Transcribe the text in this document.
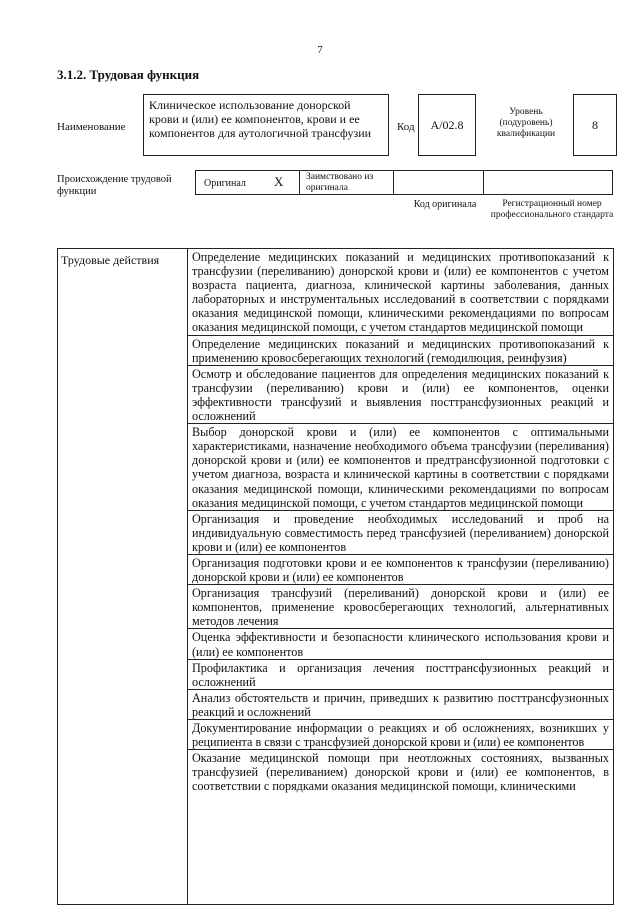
7
3.1.2. Трудовая функция
Наименование
Клиническое использование донорской крови и (или) ее компонентов, крови и ее компонентов для аутологичной трансфузии	Код	A/02.8
Уровень (подуровень) квалификации
8
Происхождение трудовой функции
Оригинал X Заимствовано из оригинала
Код оригинала	Регистрационный номер профессионального стандарта
Трудовые действия	Определение медицинских показаний и медицинских противопоказаний к трансфузии (переливанию) донорской крови и (или) ее компонентов с учетом возраста пациента, диагноза, клинической картины заболевания, данных лабораторных и инструментальных исследований в соответствии с порядками оказания медицинской помощи, клиническими рекомендациями по вопросам оказания медицинской помощи, с учетом стандартов медицинской помощи
Определение медицинских показаний и медицинских противопоказаний к применению кровосберегающих технологий (гемодилюция, реинфузия)
Осмотр и обследование пациентов для определения медицинских показаний к трансфузии (переливанию) крови и (или) ее компонентов, оценки эффективности трансфузий и выявления посттрансфузионных реакций и осложнений
Выбор донорской крови и (или) ее компонентов с оптимальными характеристиками, назначение необходимого объема трансфузии (переливания) донорской крови и (или) ее компонентов и предтрансфузионной подготовки с учетом диагноза, возраста и клинической картины в соответствии с порядками оказания медицинской помощи, клиническими рекомендациями по вопросам оказания медицинской помощи, с учетом стандартов медицинской помощи
Организация и проведение необходимых исследований и проб на индивидуальную совместимость перед трансфузией (переливанием) донорской крови и (или) ее компонентов
Организация подготовки крови и ее компонентов к трансфузии (переливанию) донорской крови и (или) ее компонентов
Организация трансфузий (переливаний) донорской крови и (или) ее компонентов, применение кровосберегающих технологий, альтернативных методов лечения
Оценка эффективности и безопасности клинического использования крови и (или) ее компонентов
Профилактика и организация лечения посттрансфузионных реакций и осложнений
Анализ обстоятельств и причин, приведших к развитию посттрансфузионных реакций и осложнений
Документирование информации о реакциях и об осложнениях, возникших у реципиента в связи с трансфузией донорской крови и (или) ее компонентов
Оказание медицинской помощи при неотложных состояниях, вызванных трансфузией (переливанием) донорской крови и (или) ее компонентов, в соответствии с порядками оказания медицинской помощи, клиническими
